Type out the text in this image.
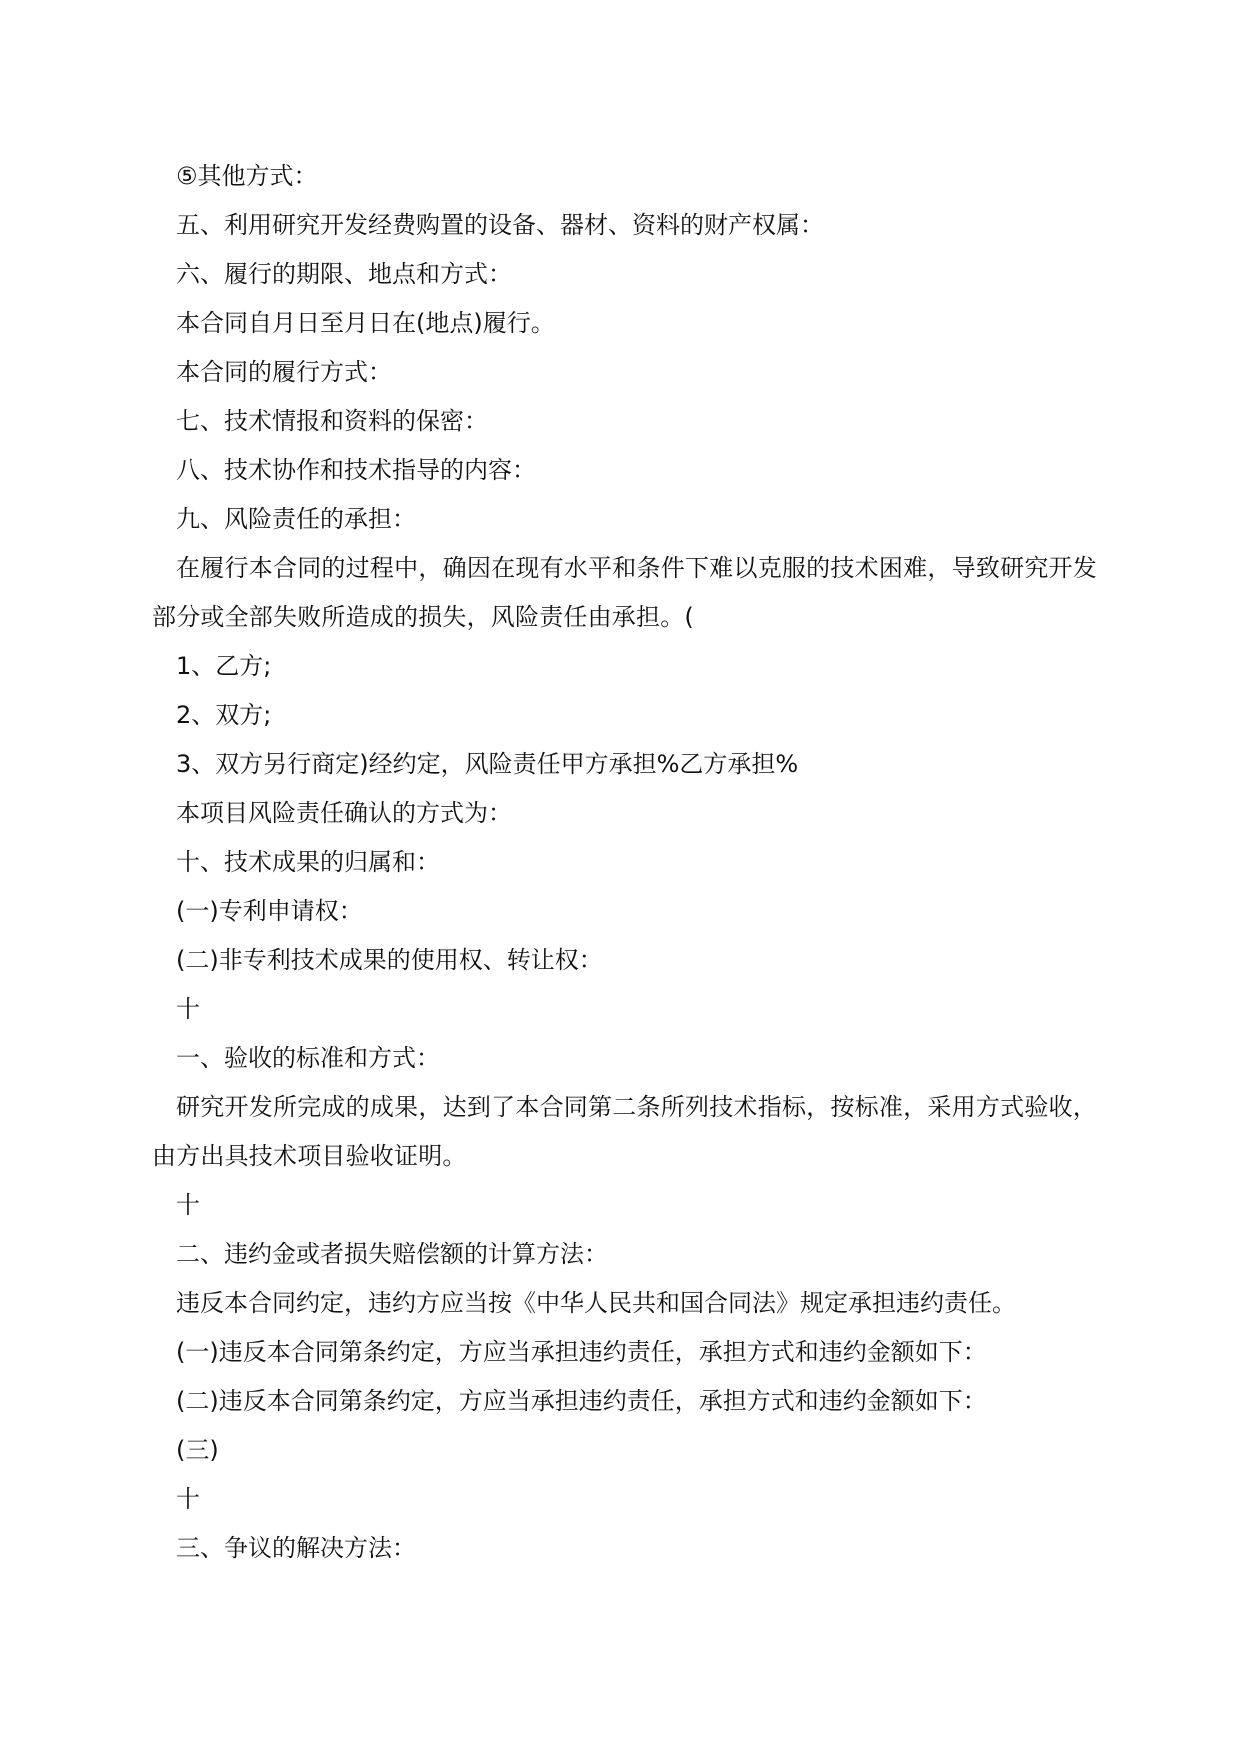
⑤其他方式：

五、利用研究开发经费购置的设备、器材、资料的财产权属：

六、履行的期限、地点和方式：

本合同自月日至月日在(地点)履行。

本合同的履行方式：

七、技术情报和资料的保密：

八、技术协作和技术指导的内容：

九、风险责任的承担：

在履行本合同的过程中，确因在现有水平和条件下难以克服的技术困难，导致研究开发部分或全部失败所造成的损失，风险责任由承担。(

1、乙方;

2、双方;

3、双方另行商定)经约定，风险责任甲方承担%乙方承担%

本项目风险责任确认的方式为：

十、技术成果的归属和：

(一)专利申请权：

(二)非专利技术成果的使用权、转让权：

十

一、验收的标准和方式：

研究开发所完成的成果，达到了本合同第二条所列技术指标，按标准，采用方式验收，由方出具技术项目验收证明。

十

二、违约金或者损失赔偿额的计算方法：

违反本合同约定，违约方应当按《中华人民共和国合同法》规定承担违约责任。

(一)违反本合同第条约定，方应当承担违约责任，承担方式和违约金额如下：

(二)违反本合同第条约定，方应当承担违约责任，承担方式和违约金额如下：

(三)

十

三、争议的解决方法：
